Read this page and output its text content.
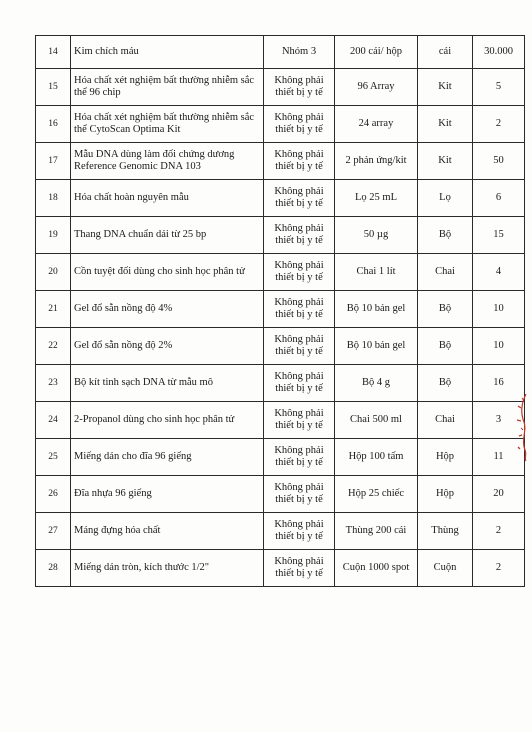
14	Kim chích máu	Nhóm 3	200 cái/ hộp	cái	30.000
15	Hóa chất xét nghiệm bất thường nhiễm sắc thể 96 chip	Không phải thiết bị y tế	96 Array	Kit	5
16	Hóa chất xét nghiệm bất thường nhiễm sắc thể CytoScan Optima Kit	Không phải thiết bị y tế	24 array	Kit	2
17	Mẫu DNA dùng làm đối chứng dương Reference Genomic DNA 103	Không phải thiết bị y tế	2 phản ứng/kit	Kit	50
18	Hóa chất hoàn nguyên mẫu	Không phải thiết bị y tế	Lọ 25 mL	Lọ	6
19	Thang DNA chuẩn dải từ 25 bp	Không phải thiết bị y tế	50 µg	Bộ	15
20	Cồn tuyệt đối dùng cho sinh học phân tử	Không phải thiết bị y tế	Chai 1 lít	Chai	4
21	Gel đổ sẵn nồng độ 4%	Không phải thiết bị y tế	Bộ 10 bản gel	Bộ	10
22	Gel đổ sẵn nồng độ 2%	Không phải thiết bị y tế	Bộ 10 bản gel	Bộ	10
23	Bộ kít tinh sạch DNA từ mẫu mô	Không phải thiết bị y tế	Bộ 4 g	Bộ	16
24	2-Propanol dùng cho sinh học phân tử	Không phải thiết bị y tế	Chai 500 ml	Chai	3
25	Miếng dán cho đĩa 96 giếng	Không phải thiết bị y tế	Hộp 100 tấm	Hộp	11
26	Đĩa nhựa 96 giếng	Không phải thiết bị y tế	Hộp 25 chiếc	Hộp	20
27	Máng đựng hóa chất	Không phải thiết bị y tế	Thùng 200 cái	Thùng	2
28	Miếng dán tròn, kích thước 1/2"	Không phải thiết bị y tế	Cuộn 1000 spot	Cuộn	2
